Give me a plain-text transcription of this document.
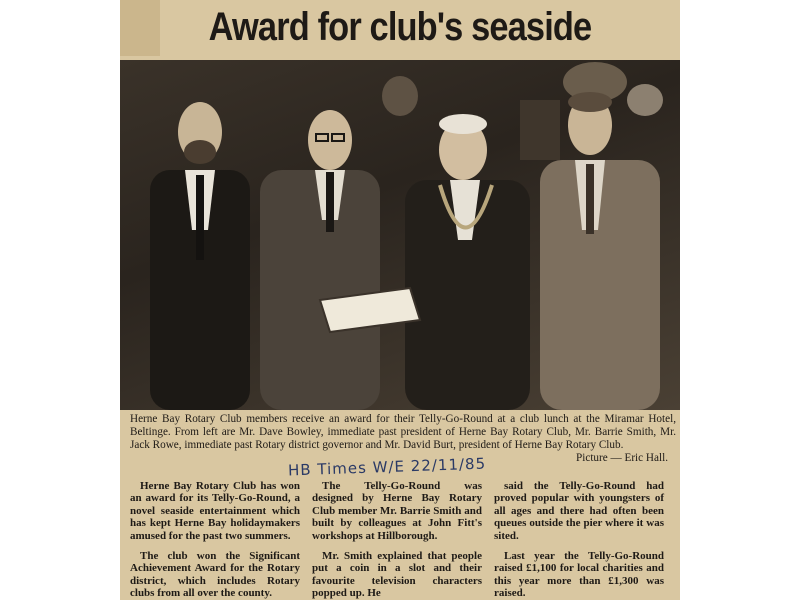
Award for club's seaside

Herne Bay Rotary Club members receive an award for their Telly-Go-Round at a club lunch at the Miramar Hotel, Beltinge. From left are Mr. Dave Bowley, immediate past president of Herne Bay Rotary Club, Mr. Barrie Smith, Mr. Jack Rowe, immediate past Rotary district governor and Mr. David Burt, president of Herne Bay Rotary Club.

Picture — Eric Hall.
HB Times W/E 22/11/85

Herne Bay Rotary Club has won an award for its Telly-Go-Round, a novel seaside entertainment which has kept Herne Bay holidaymakers amused for the past two summers.

The club won the Significant Achievement Award for the Rotary district, which includes Rotary clubs from all over the county.

The Telly-Go-Round was designed by Herne Bay Rotary Club member Mr. Barrie Smith and built by colleagues at John Fitt's workshops at Hillborough.

Mr. Smith explained that people put a coin in a slot and their favourite television characters popped up. He

said the Telly-Go-Round had proved popular with youngsters of all ages and there had often been queues outside the pier where it was sited.

Last year the Telly-Go-Round raised £1,100 for local charities and this year more than £1,300 was raised.
